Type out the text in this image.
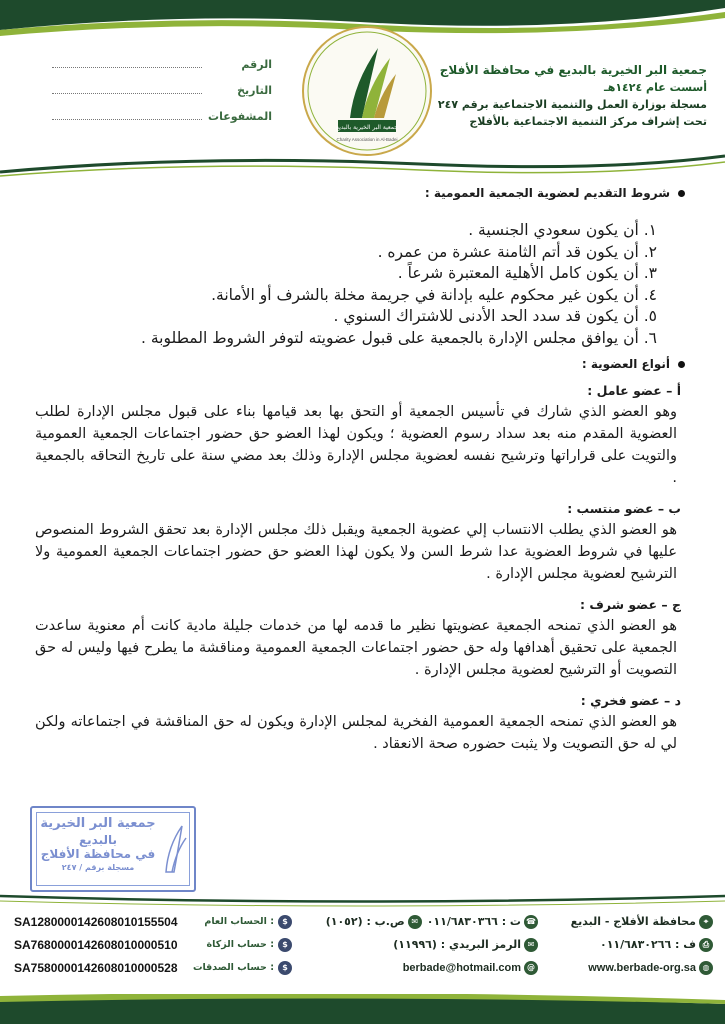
جمعية البر الخيرية بالبديع في محافظة الأفلاج
أسست عام ١٤٢٤هـ
مسجلة بوزارة العمل والتنمية الاجتماعية برقم ٢٤٧
تحت إشراف مركز التنمية الاجتماعية بالأفلاج
جمعية البر الخيرية بالبديع
Charity Association in Al-Badei
الرقم
التاريخ
المشفوعات
شروط التقديم لعضوية الجمعية العمومية :
١. أن يكون سعودي الجنسية .
٢. أن يكون قد أتم الثامنة عشرة من عمره .
٣. أن يكون كامل الأهلية المعتبرة شرعاً .
٤. أن يكون غير محكوم عليه بإدانة في جريمة مخلة بالشرف أو الأمانة.
٥. أن يكون قد سدد الحد الأدنى للاشتراك السنوي .
٦. أن يوافق مجلس الإدارة بالجمعية على قبول عضويته لتوفر الشروط المطلوبة .
أنواع العضوية :
أ – عضو عامل :
وهو العضو الذي شارك في تأسيس الجمعية أو التحق بها بعد قيامها بناء على قبول مجلس الإدارة لطلب العضوية المقدم منه بعد سداد رسوم العضوية ؛ ويكون لهذا العضو حق حضور اجتماعات الجمعية العمومية والتويت على قراراتها وترشيح نفسه لعضوية مجلس الإدارة وذلك بعد مضي سنة على تاريخ التحاقه بالجمعية .
ب – عضو منتسب :
هو العضو الذي يطلب الانتساب إلي عضوية الجمعية ويقبل ذلك مجلس الإدارة بعد تحقق الشروط المنصوص عليها في شروط العضوية عدا شرط السن ولا يكون لهذا العضو حق حضور اجتماعات الجمعية العمومية ولا الترشيح لعضوية مجلس الإدارة .
ج – عضو شرف :
هو العضو الذي تمنحه الجمعية عضويتها نظير ما قدمه لها من خدمات جليلة مادية كانت أم معنوية ساعدت الجمعية على تحقيق أهدافها وله حق حضور اجتماعات الجمعية العمومية ومناقشة ما يطرح فيها وليس له حق التصويت أو الترشيح لعضوية مجلس الإدارة .
د – عضو فخري :
هو العضو الذي تمنحه الجمعية العمومية الفخرية لمجلس الإدارة ويكون له حق المناقشة في اجتماعاته ولكن لي له حق التصويت ولا يثبت حضوره صحة الانعقاد .
جمعية البر الخيرية
بالبديع
في محافظة الأفلاج
مسجلة برقم / ٢٤٧
SA1280000142608010155504	الحساب العام :	$
SA7680000142608010000510	حساب الزكاة :	$
SA7580000142608010000528 حساب الصدقات :	$
☎
ت : ٠١١/٦٨٣٠٣٦٦
✉
ص.ب : (١٠٥٢)
✉
الرمز البريدي : (١١٩٩٦)
@
berbade@hotmail.com
⌖
محافظة الأفلاج - البديع
⎙
ف : ٠١١/٦٨٣٠٢٦٦
◍
www.berbade-org.sa
